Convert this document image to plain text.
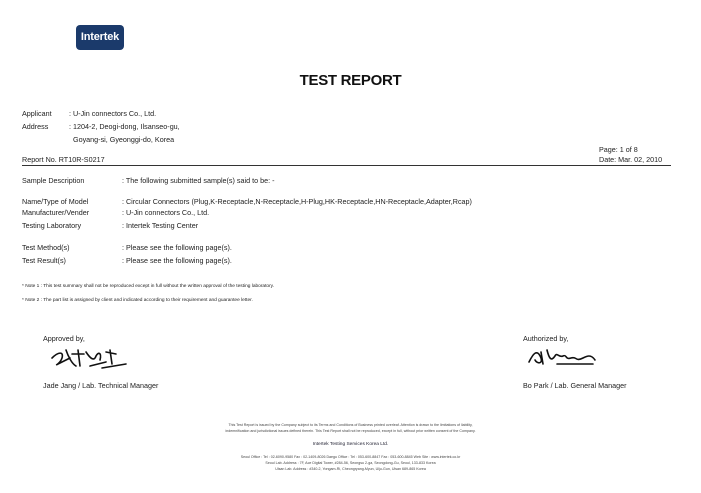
Intertek
TEST REPORT
Applicant : U-Jin connectors Co., Ltd.
Address	: 1204-2, Deogi-dong, Ilsanseo-gu,
Goyang-si, Gyeonggi-do, Korea
Page: 1 of 8
Report No. RT10R-S0217	Date: Mar. 02, 2010
Sample Description	: The following submitted sample(s) said to be: -
Name/Type of Model	: Circular Connectors (Plug,K-Receptacle,N-Receptacle,H-Plug,HK-Receptacle,HN-Receptacle,Adapter,Rcap)
Manufacturer/Vender	: U-Jin connectors Co., Ltd.
Testing Laboratory	: Intertek Testing Center
Test Method(s)	: Please see the following page(s).
Test Result(s)	: Please see the following page(s).
* Note 1 : This test summary shall not be reproduced except in full without the written approval of the testing laboratory.
* Note 2 : The part list is assigned by client and indicated according to their requirement and guarantee letter.
Approved by,
Jade Jang / Lab. Technical Manager
Authorized by,
Bo Park / Lab. General Manager
This Test Report is issued by the Company subject to its Terms and Conditions of Business printed overleaf. Attention is drawn to the limitations of liability,
indemnification and jurisdictional issues defined therein. This Test Report shall not be reproduced, except in full, without prior written consent of the Company.
Intertek Testing Services Korea Ltd.
Seoul Office : Tel : 02-6090-9580 Fax : 02-1409-8026 Daegu Office : Tel : 053-600-8847 Fax : 053-600-8845 Web Site : www.intertek.co.kr
Seoul Lab. Address : 7F, Ace Digital Tower, #284-56, Seongsu 2-ga, Seongdong-Gu, Seoul, 133-833 Korea
Ulsan Lab. Address : #340-2, Yongam-Ri, Cheongryang-Myun, Ulju-Gun, Ulsan 689-865 Korea
